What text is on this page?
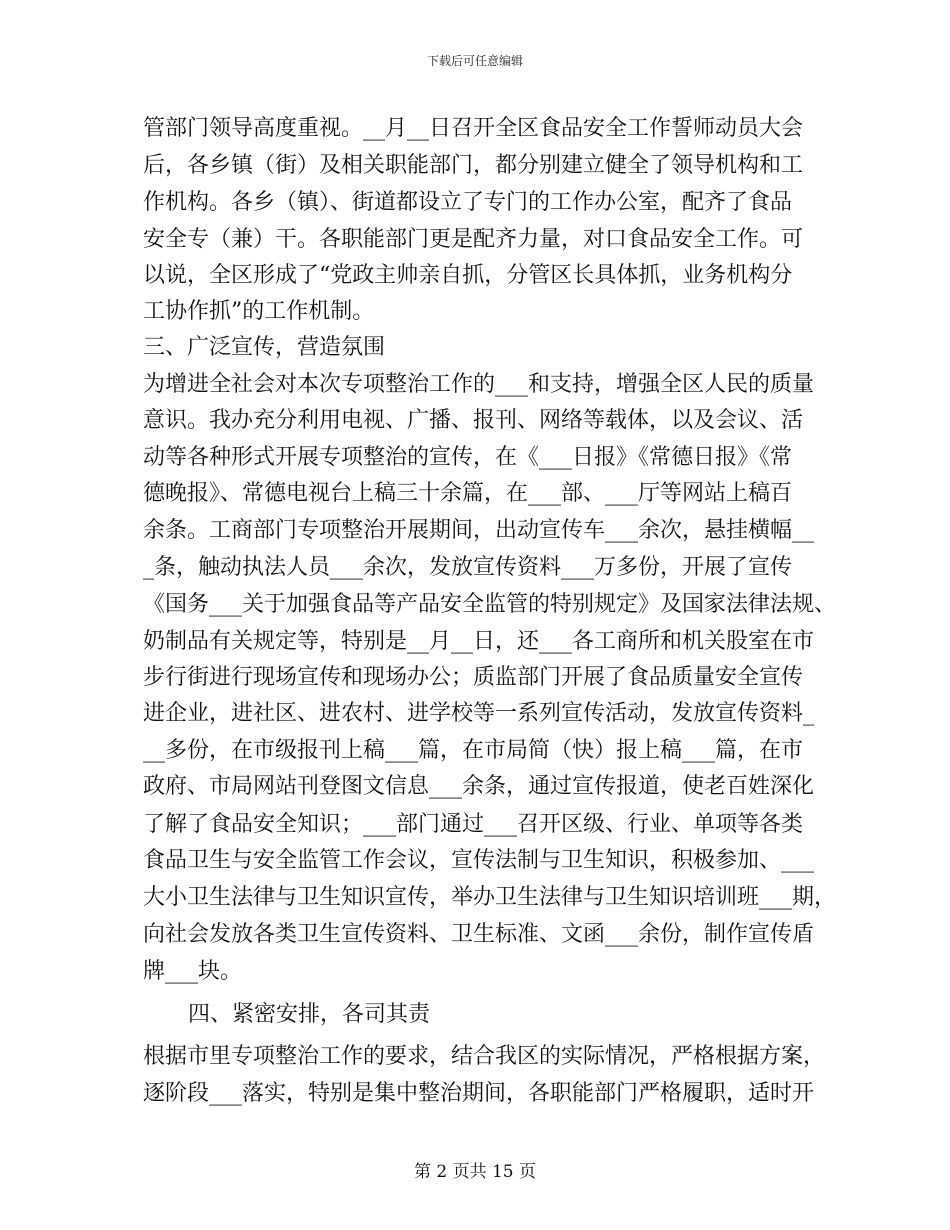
下载后可任意编辑
管部门领导高度重视。__月__日召开全区食品安全工作誓师动员大会
后，各乡镇（街）及相关职能部门，都分别建立健全了领导机构和工
作机构。各乡（镇）、街道都设立了专门的工作办公室，配齐了食品
安全专（兼）干。各职能部门更是配齐力量，对口食品安全工作。可
以说，全区形成了“党政主帅亲自抓，分管区长具体抓，业务机构分
工协作抓”的工作机制。
三、广泛宣传，营造氛围
为增进全社会对本次专项整治工作的___和支持，增强全区人民的质量
意识。我办充分利用电视、广播、报刊、网络等载体，以及会议、活
动等各种形式开展专项整治的宣传，在《___日报》《常德日报》《常
德晚报》、常德电视台上稿三十余篇，在___部、___厅等网站上稿百
余条。工商部门专项整治开展期间，出动宣传车___余次，悬挂横幅__
_条，触动执法人员___余次，发放宣传资料___万多份，开展了宣传
《国务___关于加强食品等产品安全监管的特别规定》及国家法律法规、
奶制品有关规定等，特别是__月__日，还___各工商所和机关股室在市
步行街进行现场宣传和现场办公；质监部门开展了食品质量安全宣传
进企业，进社区、进农村、进学校等一系列宣传活动，发放宣传资料_
__多份，在市级报刊上稿___篇，在市局简（快）报上稿___篇，在市
政府、市局网站刊登图文信息___余条，通过宣传报道，使老百姓深化
了解了食品安全知识；___部门通过___召开区级、行业、单项等各类
食品卫生与安全监管工作会议，宣传法制与卫生知识，积极参加、___
大小卫生法律与卫生知识宣传，举办卫生法律与卫生知识培训班___期，
向社会发放各类卫生宣传资料、卫生标准、文函___余份，制作宣传盾
牌___块。
四、紧密安排，各司其责
根据市里专项整治工作的要求，结合我区的实际情况，严格根据方案，
逐阶段___落实，特别是集中整治期间，各职能部门严格履职，适时开
第 2 页共 15 页
